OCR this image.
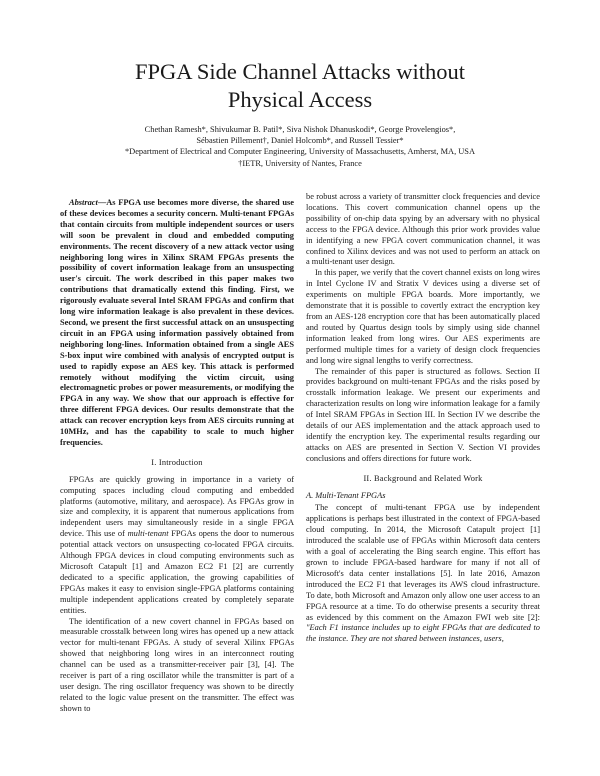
FPGA Side Channel Attacks without
Physical Access
Chethan Ramesh*, Shivukumar B. Patil*, Siva Nishok Dhanuskodi*, George Provelengios*,
Sébastien Pillement†, Daniel Holcomb*, and Russell Tessier*
*Department of Electrical and Computer Engineering, University of Massachusetts, Amherst, MA, USA
†IETR, University of Nantes, France

Abstract—As FPGA use becomes more diverse, the shared use of these devices becomes a security concern. Multi-tenant FPGAs that contain circuits from multiple independent sources or users will soon be prevalent in cloud and embedded computing environments. The recent discovery of a new attack vector using neighboring long wires in Xilinx SRAM FPGAs presents the possibility of covert information leakage from an unsuspecting user's circuit. The work described in this paper makes two contributions that dramatically extend this finding. First, we rigorously evaluate several Intel SRAM FPGAs and confirm that long wire information leakage is also prevalent in these devices. Second, we present the first successful attack on an unsuspecting circuit in an FPGA using information passively obtained from neighboring long-lines. Information obtained from a single AES S-box input wire combined with analysis of encrypted output is used to rapidly expose an AES key. This attack is performed remotely without modifying the victim circuit, using electromagnetic probes or power measurements, or modifying the FPGA in any way. We show that our approach is effective for three different FPGA devices. Our results demonstrate that the attack can recover encryption keys from AES circuits running at 10MHz, and has the capability to scale to much higher frequencies.

I. Introduction

FPGAs are quickly growing in importance in a variety of computing spaces including cloud computing and embedded platforms (automotive, military, and aerospace). As FPGAs grow in size and complexity, it is apparent that numerous applications from independent users may simultaneously reside in a single FPGA device. This use of multi-tenant FPGAs opens the door to numerous potential attack vectors on unsuspecting co-located FPGA circuits. Although FPGA devices in cloud computing environments such as Microsoft Catapult [1] and Amazon EC2 F1 [2] are currently dedicated to a specific application, the growing capabilities of FPGAs makes it easy to envision single-FPGA platforms containing multiple independent applications created by completely separate entities.

The identification of a new covert channel in FPGAs based on measurable crosstalk between long wires has opened up a new attack vector for multi-tenant FPGAs. A study of several Xilinx FPGAs showed that neighboring long wires in an interconnect routing channel can be used as a transmitter-receiver pair [3], [4]. The receiver is part of a ring oscillator while the transmitter is part of a user design. The ring oscillator frequency was shown to be directly related to the logic value present on the transmitter. The effect was shown to

be robust across a variety of transmitter clock frequencies and device locations. This covert communication channel opens up the possibility of on-chip data spying by an adversary with no physical access to the FPGA device. Although this prior work provides value in identifying a new FPGA covert communication channel, it was confined to Xilinx devices and was not used to perform an attack on a multi-tenant user design.

In this paper, we verify that the covert channel exists on long wires in Intel Cyclone IV and Stratix V devices using a diverse set of experiments on multiple FPGA boards. More importantly, we demonstrate that it is possible to covertly extract the encryption key from an AES-128 encryption core that has been automatically placed and routed by Quartus design tools by simply using side channel information leaked from long wires. Our AES experiments are performed multiple times for a variety of design clock frequencies and long wire signal lengths to verify correctness.

The remainder of this paper is structured as follows. Section II provides background on multi-tenant FPGAs and the risks posed by crosstalk information leakage. We present our experiments and characterization results on long wire information leakage for a family of Intel SRAM FPGAs in Section III. In Section IV we describe the details of our AES implementation and the attack approach used to identify the encryption key. The experimental results regarding our attacks on AES are presented in Section V. Section VI provides conclusions and offers directions for future work.

II. Background and Related Work
A. Multi-Tenant FPGAs

The concept of multi-tenant FPGA use by independent applications is perhaps best illustrated in the context of FPGA-based cloud computing. In 2014, the Microsoft Catapult project [1] introduced the scalable use of FPGAs within Microsoft data centers with a goal of accelerating the Bing search engine. This effort has grown to include FPGA-based hardware for many if not all of Microsoft's data center installations [5]. In late 2016, Amazon introduced the EC2 F1 that leverages its AWS cloud infrastructure. To date, both Microsoft and Amazon only allow one user access to an FPGA resource at a time. To do otherwise presents a security threat as evidenced by this comment on the Amazon FWI web site [2]: "Each F1 instance includes up to eight FPGAs that are dedicated to the instance. They are not shared between instances, users,
